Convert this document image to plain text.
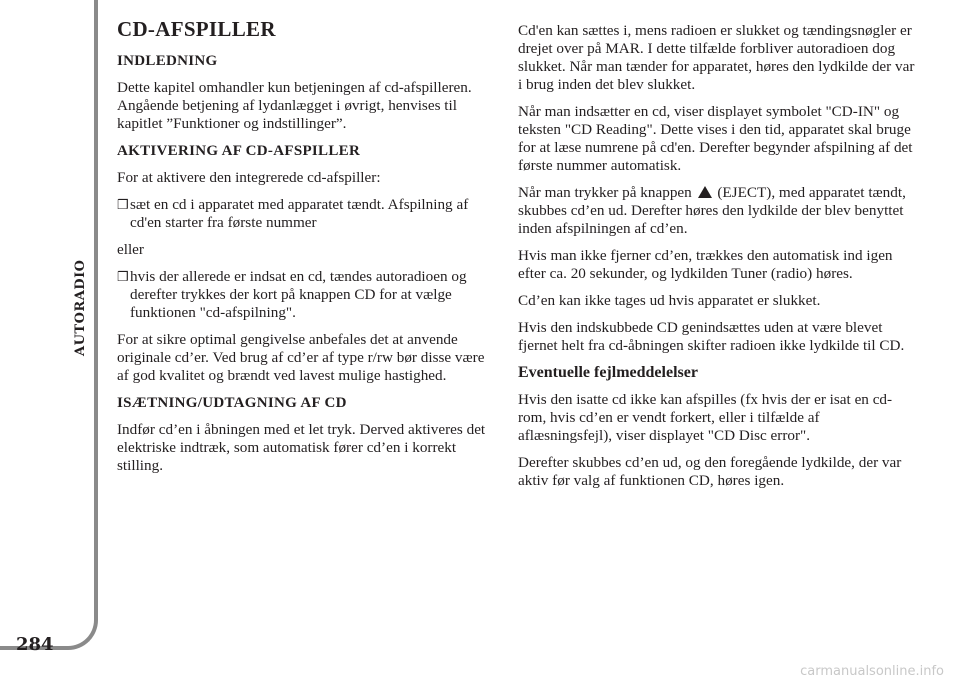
AUTORADIO
284
CD-AFSPILLER
INDLEDNING

Dette kapitel omhandler kun betjeningen af cd-afspilleren. Angående betjening af lydanlægget i øvrigt, henvises til kapitlet ”Funktioner og indstillinger”.

AKTIVERING AF CD-AFSPILLER

For at aktivere den integrerede cd-afspiller:

❒ sæt en cd i apparatet med apparatet tændt. Afspilning af cd'en starter fra første nummer

eller

❒ hvis der allerede er indsat en cd, tændes autoradioen og derefter trykkes der kort på knappen CD for at vælge funktionen "cd-afspilning".

For at sikre optimal gengivelse anbefales det at anvende originale cd’er. Ved brug af cd’er af type r/rw bør disse være af god kvalitet og brændt ved lavest mulige hastighed.

ISÆTNING/UDTAGNING AF CD

Indfør cd’en i åbningen med et let tryk. Derved aktiveres det elektriske indtræk, som automatisk fører cd’en i korrekt stilling.

Cd'en kan sættes i, mens radioen er slukket og tændingsnøgler er drejet over på MAR. I dette tilfælde forbliver autoradioen dog slukket. Når man tænder for apparatet, høres den lydkilde der var i brug inden det blev slukket.

Når man indsætter en cd, viser displayet symbolet "CD-IN" og teksten "CD Reading". Dette vises i den tid, apparatet skal bruge for at læse numrene på cd'en. Derefter begynder afspilning af det første nummer automatisk.

Når man trykker på knappen (EJECT), med apparatet tændt, skubbes cd’en ud. Derefter høres den lydkilde der blev benyttet inden afspilningen af cd’en.

Hvis man ikke fjerner cd’en, trækkes den automatisk ind igen efter ca. 20 sekunder, og lydkilden Tuner (radio) høres.

Cd’en kan ikke tages ud hvis apparatet er slukket.

Hvis den indskubbede CD genindsættes uden at være blevet fjernet helt fra cd-åbningen skifter radioen ikke lydkilde til CD.

Eventuelle fejlmeddelelser

Hvis den isatte cd ikke kan afspilles (fx hvis der er isat en cd-rom, hvis cd’en er vendt forkert, eller i tilfælde af aflæsningsfejl), viser displayet "CD Disc error".

Derefter skubbes cd’en ud, og den foregående lydkilde, der var aktiv før valg af funktionen CD, høres igen.

carmanualsonline.info
